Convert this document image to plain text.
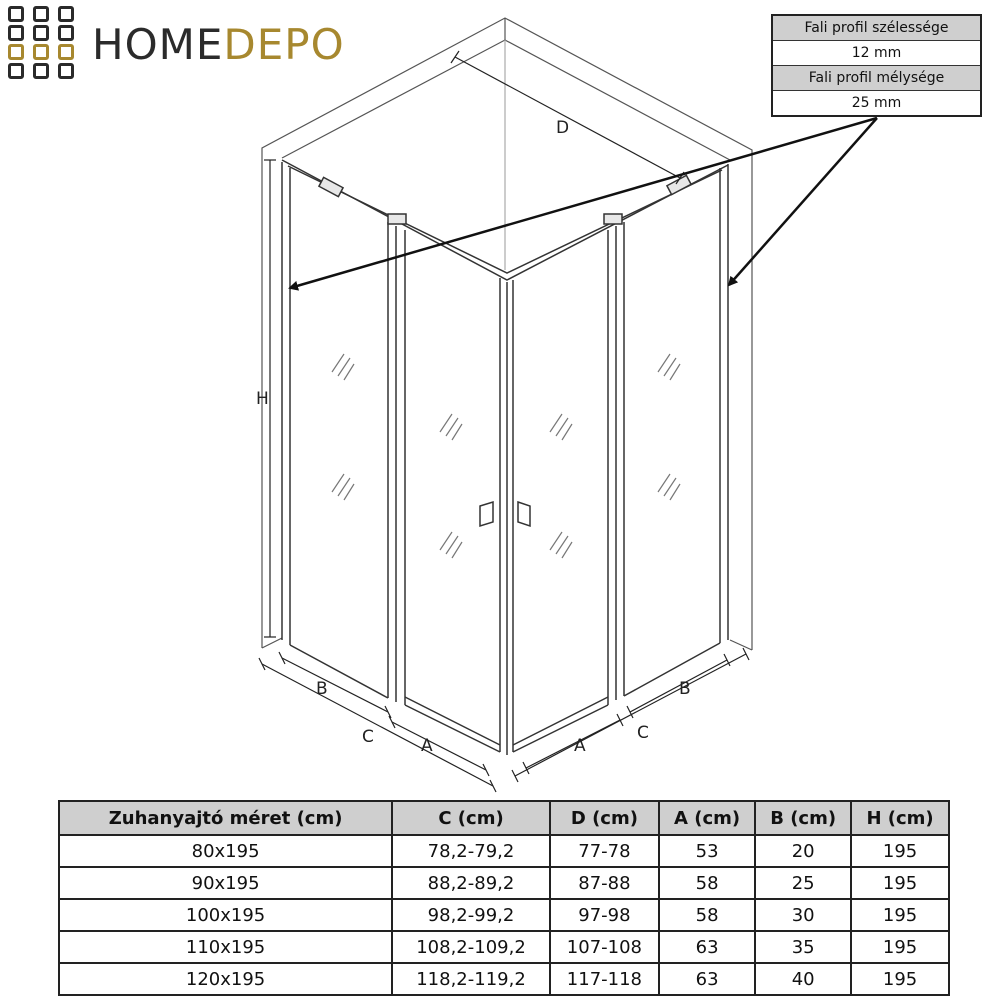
HOMEDEPO	Fali profil szélessége
12 mm
Fali profil mélysége
25 mm
D
H
B
C	A	A
C
B
Zuhanyajtó méret (cm)	C (cm)	D (cm)	A (cm)	B (cm)	H (cm)
80x195	78,2-79,2	77-78	53	20	195
90x195	88,2-89,2	87-88	58	25	195
100x195	98,2-99,2	97-98	58	30	195
110x195	108,2-109,2	107-108	63	35	195
120x195	118,2-119,2	117-118	63	40	195
